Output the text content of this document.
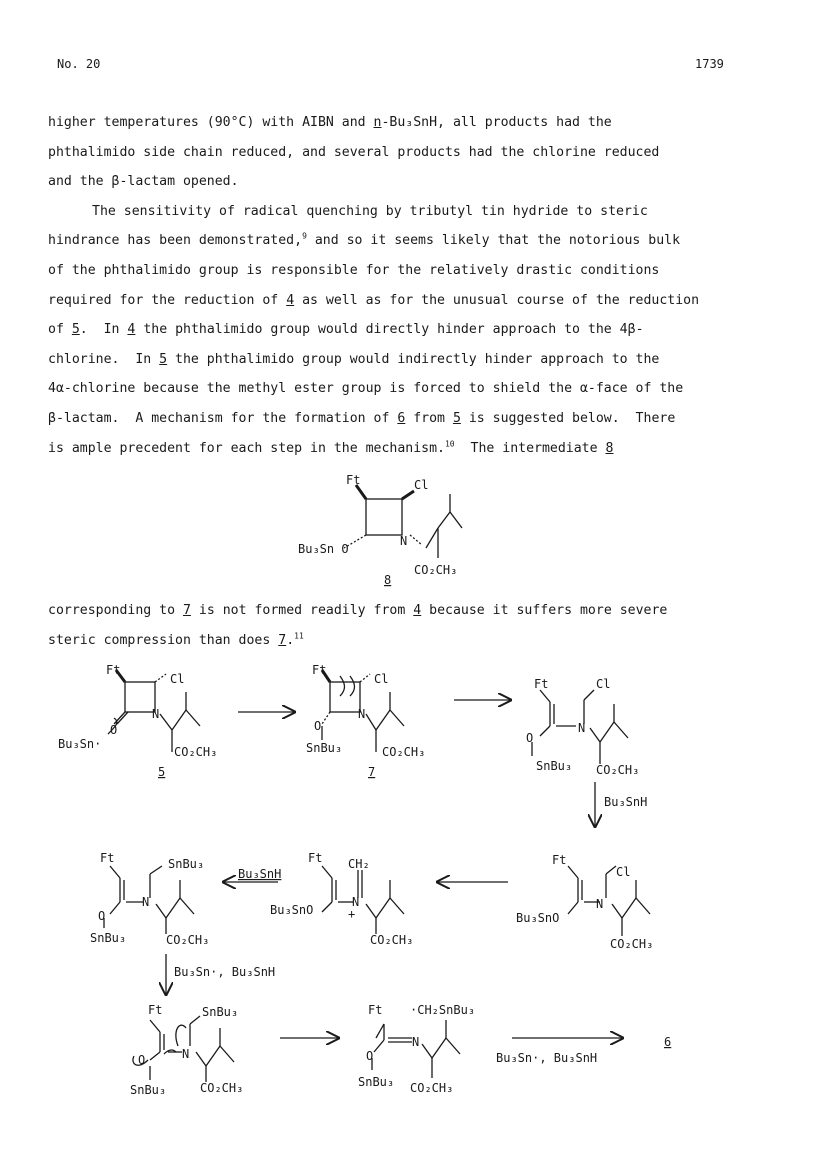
No. 20	1739
higher temperatures (90°C) with AIBN and n-Bu₃SnH, all products had the
phthalimido side chain reduced, and several products had the chlorine reduced
and the β-lactam opened.
The sensitivity of radical quenching by tributyl tin hydride to steric
hindrance has been demonstrated,$^9$ and so it seems likely that the notorious bulk
of the phthalimido group is responsible for the relatively drastic conditions
required for the reduction of 4 as well as for the unusual course of the reduction
of 5.  In 4 the phthalimido group would directly hinder approach to the 4β-
chlorine.  In 5 the phthalimido group would indirectly hinder approach to the
4α-chlorine because the methyl ester group is forced to shield the α-face of the
β-lactam.  A mechanism for the formation of 6 from 5 is suggested below.  There
is ample precedent for each step in the mechanism.$^{10}$  The intermediate 8
corresponding to 7 is not formed readily from 4 because it suffers more severe
steric compression than does 7.11
Ft	Cl
N
Bu₃Sn O
CO₂CH₃
8
Ft
Cl
N
O
Bu₃Sn·
CO₂CH₃
5
Ft
Cl
N
O
SnBu₃	CO₂CH₃
7
Ft	Cl
N
O
SnBu₃ CO₂CH₃
Bu₃SnH
Ft
Cl
N
Bu₃SnO
CO₂CH₃
Ft CH₂
N
Bu₃SnO	+
CO₂CH₃
Bu₃SnH
Ft	SnBu₃
N
O
SnBu₃	CO₂CH₃
Bu₃Sn·, Bu₃SnH
Ft	SnBu₃
N
O
SnBu₃	CO₂CH₃
Ft ·CH₂SnBu₃
N
O
SnBu₃ CO₂CH₃
Bu₃Sn·, Bu₃SnH
6
